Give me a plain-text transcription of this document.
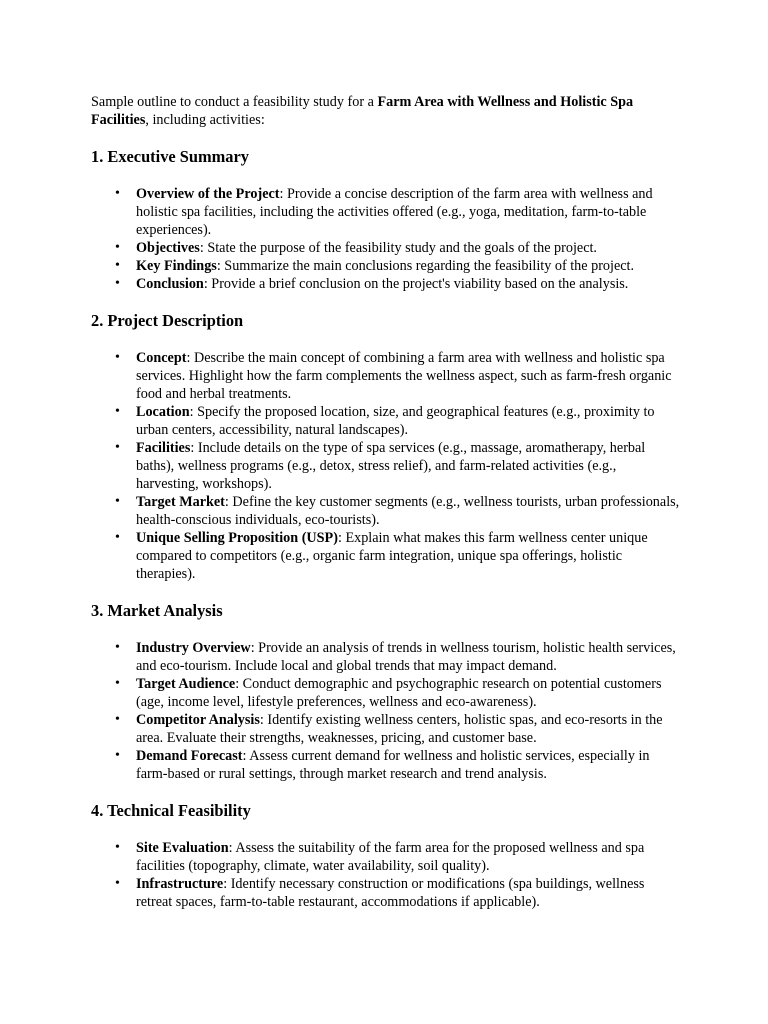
Sample outline to conduct a feasibility study for a Farm Area with Wellness and Holistic Spa Facilities, including activities:

1. Executive Summary
• Overview of the Project: Provide a concise description of the farm area with wellness and holistic spa facilities, including the activities offered (e.g., yoga, meditation, farm-to-table experiences).
• Objectives: State the purpose of the feasibility study and the goals of the project.
• Key Findings: Summarize the main conclusions regarding the feasibility of the project.
• Conclusion: Provide a brief conclusion on the project's viability based on the analysis.
2. Project Description
• Concept: Describe the main concept of combining a farm area with wellness and holistic spa services. Highlight how the farm complements the wellness aspect, such as farm-fresh organic food and herbal treatments.
• Location: Specify the proposed location, size, and geographical features (e.g., proximity to urban centers, accessibility, natural landscapes).
• Facilities: Include details on the type of spa services (e.g., massage, aromatherapy, herbal baths), wellness programs (e.g., detox, stress relief), and farm-related activities (e.g., harvesting, workshops).
• Target Market: Define the key customer segments (e.g., wellness tourists, urban professionals, health-conscious individuals, eco-tourists).
• Unique Selling Proposition (USP): Explain what makes this farm wellness center unique compared to competitors (e.g., organic farm integration, unique spa offerings, holistic therapies).
3. Market Analysis
• Industry Overview: Provide an analysis of trends in wellness tourism, holistic health services, and eco-tourism. Include local and global trends that may impact demand.
• Target Audience: Conduct demographic and psychographic research on potential customers (age, income level, lifestyle preferences, wellness and eco-awareness).
• Competitor Analysis: Identify existing wellness centers, holistic spas, and eco-resorts in the area. Evaluate their strengths, weaknesses, pricing, and customer base.
• Demand Forecast: Assess current demand for wellness and holistic services, especially in farm-based or rural settings, through market research and trend analysis.
4. Technical Feasibility
• Site Evaluation: Assess the suitability of the farm area for the proposed wellness and spa facilities (topography, climate, water availability, soil quality).
• Infrastructure: Identify necessary construction or modifications (spa buildings, wellness retreat spaces, farm-to-table restaurant, accommodations if applicable).
